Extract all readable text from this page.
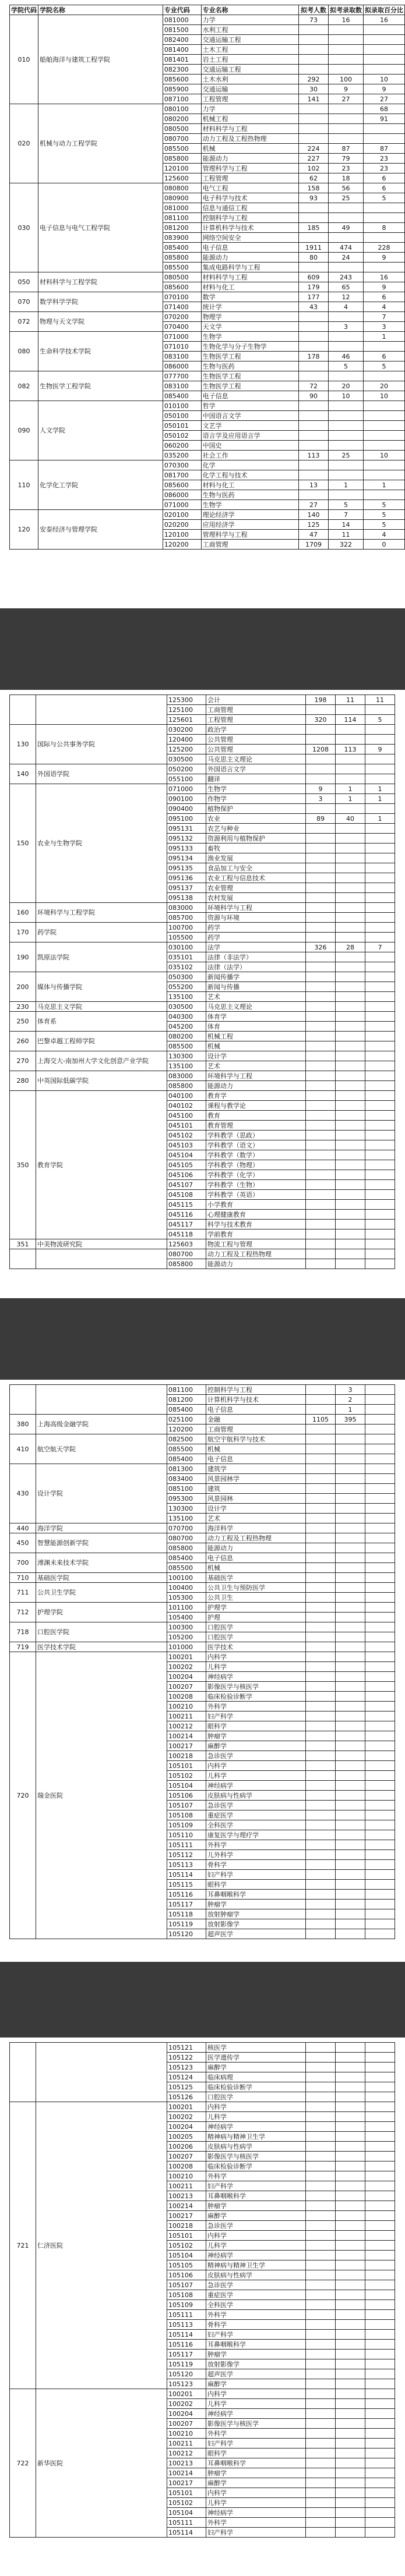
学院代码	学院名称	专业代码	专业名称	拟考人数	拟考录取数	拟录取百分比
010	船舶海洋与建筑工程学院	081000	力学	73	16	16
		081500	水利工程			
		082400	交通运输工程			
		081400	土木工程			
		081401	岩土工程			
		082300	交通运输工程			
		085600	土木水利	292	100	10
		085900	交通运输	30	9	9
		087100	工程管理	141	27	27
020	机械与动力工程学院	080100	力学			68
		080200	机械工程			91
		080500	材料科学与工程			
		080700	动力工程及工程热物理			
		085500	机械	224	87	87
		085800	能源动力	227	79	23
		120100	管理科学与工程	102	23	23
		125600	工程管理	62	18	6
030	电子信息与电气工程学院	080800	电气工程	158	56	6
		080900	电子科学与技术	93	25	5
		081000	信息与通信工程			
		081100	控制科学与工程			
		081200	计算机科学与技术	185	49	8
		083900	网络空间安全			
		085400	电子信息	1911	474	228
		085800	能源动力	80	24	9
		085500	集成电路科学与工程			
050	材料科学与工程学院	080500	材料科学与工程	609	243	16
		085600	材料与化工	179	65	9
070	数学科学学院	070100	数学	177	12	6
		071400	统计学	43	4	4
072	物理与天文学院	070200	物理学			7
		070400	天文学		3	3
080	生命科学技术学院	071000	生物学			1
		071010	生物化学与分子生物学			
		083100	生物医学工程	178	46	6
		086000	生物与医药		5	5
082	生物医学工程学院	077700	生物医学工程			
		083100	生物医学工程	72	20	20
		085400	电子信息	90	10	10
090	人文学院	010100	哲学			
		050100	中国语言文学			
		050101	文艺学			
		050102	语言学及应用语言学			
		060200	中国史			
		035200	社会工作	113	25	10
110	化学化工学院	070300	化学			
		081700	化学工程与技术			
		085600	材料与化工	13	1	1
		086000	生物与医药			
		071000	生物学	27	5	5
120	安泰经济与管理学院	020100	理论经济学	140	7	5
		020200	应用经济学	125	14	5
		120100	管理科学与工程	47	11	4
		120200	工商管理	1709	322	0
		125300	会计	198	11	11
		125100	工商管理			
		125601	工程管理	320	114	5
130	国际与公共事务学院	030200	政治学			
		120400	公共管理			
		125200	公共管理	1208	113	9
		030500	马克思主义理论			
140	外国语学院	050200	外国语言文学			
		055100	翻译			
150	农业与生物学院	071000	生物学	9	1	1
		090100	作物学	3	1	1
		090400	植物保护			
		095100	农业	89	40	1
		095131	农艺与种业			
		095132	资源利用与植物保护			
		095133	畜牧			
		095134	渔业发展			
		095135	食品加工与安全			
		095136	农业工程与信息技术			
		095137	农业管理			
		095138	农村发展			
160	环境科学与工程学院	083000	环境科学与工程			
		085700	资源与环境			
170	药学院	100700	药学			
		105500	药学			
190	凯原法学院	030100	法学	326	28	7
		035101	法律（非法学）			
		035102	法律（法学）			
200	媒体与传播学院	050300	新闻传播学			
		055200	新闻与传播			
		135100	艺术			
230	马克思主义学院	030500	马克思主义理论			
250	体育系	040300	体育学			
		045200	体育			
260	巴黎卓越工程师学院	080200	机械工程			
		085500	机械			
270	上海交大-南加州大学文化创意产业学院	130300	设计学			
		135100	艺术			
280	中英国际低碳学院	083000	环境科学与工程			
		085800	能源动力			
350	教育学院	040100	教育学			
		040102	课程与教学论			
		045100	教育			
		045101	教育管理			
		045102	学科教学（思政）			
		045103	学科教学（语文）			
		045104	学科教学（数学）			
		045105	学科教学（物理）			
		045106	学科教学（化学）			
		045107	学科教学（生物）			
		045108	学科教学（英语）			
		045115	小学教育			
		045116	心理健康教育			
		045117	科学与技术教育			
		045118	学前教育			
351	中美物流研究院	125603	物流工程与管理			
		080700	动力工程及工程热物理			
		085800	能源动力			
		081100	控制科学与工程		3	
		081200	计算机科学与技术		2	
		085400	电子信息		1	
380	上海高级金融学院	025100	金融	1105	395	
		120200	工商管理			
410	航空航天学院	082500	航空宇航科学与技术			
		085500	机械			
		085400	电子信息			
430	设计学院	081300	建筑学			
		083400	风景园林学			
		085100	建筑			
		095300	风景园林			
		130300	设计学			
		135100	艺术			
440	海洋学院	070700	海洋科学			
450	智慧能源创新学院	080700	动力工程及工程热物理			
		085800	能源动力			
700	溥渊未来技术学院	085400	电子信息			
		085500	机械			
710	基础医学院	100100	基础医学			
711	公共卫生学院	100400	公共卫生与预防医学			
		105300	公共卫生			
712	护理学院	101100	护理学			
		105400	护理			
718	口腔医学院	100300	口腔医学			
		105200	口腔医学			
719	医学技术学院	101000	医学技术			
720	瑞金医院	100201	内科学			
		100202	儿科学			
		100204	神经病学			
		100207	影像医学与核医学			
		100208	临床检验诊断学			
		100210	外科学			
		100211	妇产科学			
		100212	眼科学			
		100214	肿瘤学			
		100217	麻醉学			
		100218	急诊医学			
		105101	内科学			
		105102	儿科学			
		105104	神经病学			
		105106	皮肤病与性病学			
		105107	急诊医学			
		105108	重症医学			
		105109	全科医学			
		105110	康复医学与理疗学			
		105111	外科学			
		105112	儿外科学			
		105113	骨科学			
		105114	妇产科学			
		105115	眼科学			
		105116	耳鼻咽喉科学			
		105117	肿瘤学			
		105118	放射肿瘤学			
		105119	放射影像学			
		105120	超声医学			
		105121	核医学			
		105122	医学遗传学			
		105123	麻醉学			
		105124	临床病理			
		105125	临床检验诊断学			
		105126	口腔医学			
721	仁济医院	100201	内科学			
		100202	儿科学			
		100204	神经病学			
		100205	精神病与精神卫生学			
		100206	皮肤病与性病学			
		100207	影像医学与核医学			
		100208	临床检验诊断学			
		100210	外科学			
		100211	妇产科学			
		100213	耳鼻咽喉科学			
		100214	肿瘤学			
		100217	麻醉学			
		100218	急诊医学			
		105101	内科学			
		105102	儿科学			
		105104	神经病学			
		105105	精神病与精神卫生学			
		105106	皮肤病与性病学			
		105107	急诊医学			
		105108	重症医学			
		105109	全科医学			
		105111	外科学			
		105113	骨科学			
		105114	妇产科学			
		105116	耳鼻咽喉科学			
		105117	肿瘤学			
		105119	放射影像学			
		105120	超声医学			
		105123	麻醉学			
722	新华医院	100201	内科学			
		100202	儿科学			
		100204	神经病学			
		100207	影像医学与核医学			
		100210	外科学			
		100211	妇产科学			
		100212	眼科学			
		100213	耳鼻咽喉科学			
		100214	肿瘤学			
		100217	麻醉学			
		105101	内科学			
		105102	儿科学			
		105104	神经病学			
		105111	外科学			
		105114	妇产科学			
